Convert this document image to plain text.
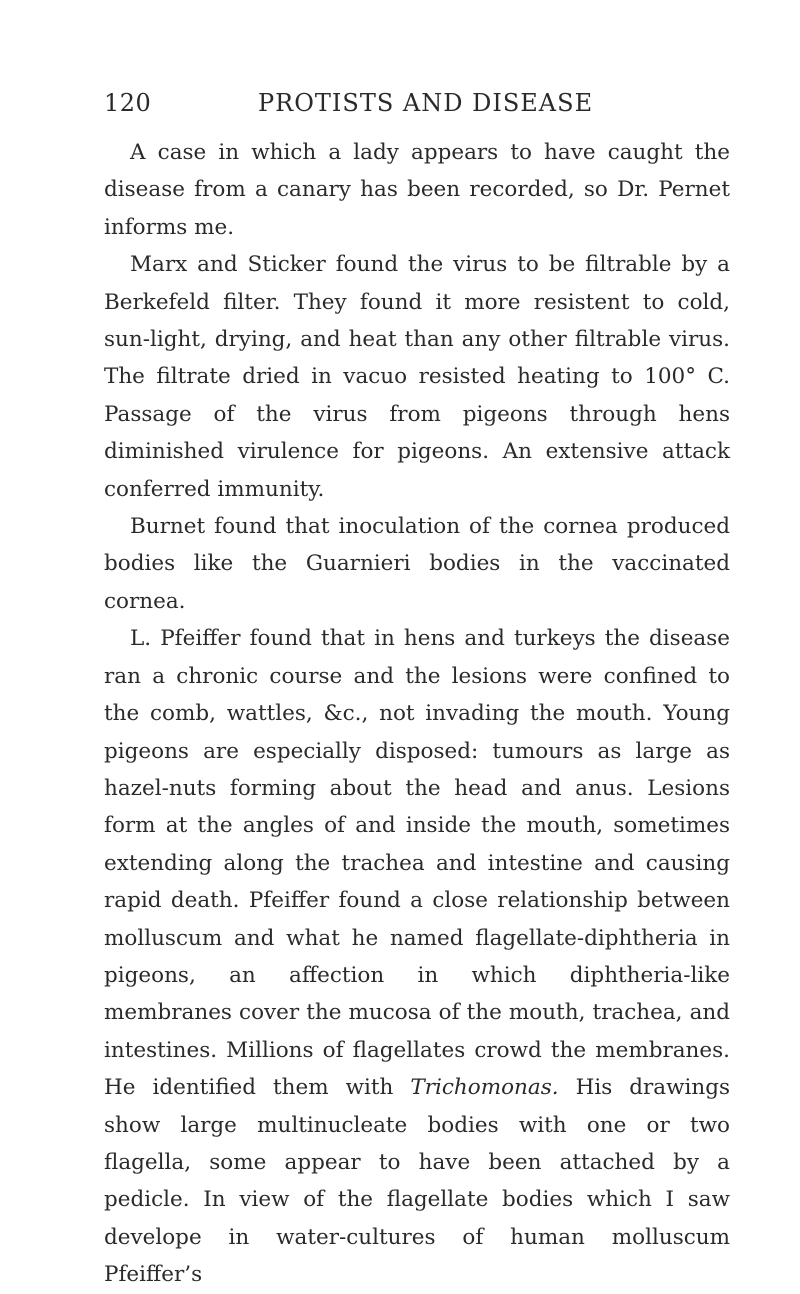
120	PROTISTS AND DISEASE

A case in which a lady appears to have caught the disease from a canary has been recorded, so Dr. Pernet informs me.

Marx and Sticker found the virus to be filtrable by a Berkefeld filter. They found it more resistent to cold, sun-light, drying, and heat than any other filtrable virus. The filtrate dried in vacuo resisted heating to 100° C. Passage of the virus from pigeons through hens diminished virulence for pigeons. An extensive attack conferred immunity.

Burnet found that inoculation of the cornea produced bodies like the Guarnieri bodies in the vaccinated cornea.

L. Pfeiffer found that in hens and turkeys the disease ran a chronic course and the lesions were confined to the comb, wattles, &c., not invading the mouth. Young pigeons are especially disposed: tumours as large as hazel-nuts forming about the head and anus. Lesions form at the angles of and inside the mouth, sometimes extending along the trachea and intestine and causing rapid death. Pfeiffer found a close relationship between molluscum and what he named flagellate-diphtheria in pigeons, an affection in which diphtheria-like membranes cover the mucosa of the mouth, trachea, and intestines. Millions of flagellates crowd the membranes. He identified them with Trichomonas. His drawings show large multinucleate bodies with one or two flagella, some appear to have been attached by a pedicle. In view of the flagellate bodies which I saw develope in water-cultures of human molluscum Pfeiffer’s
